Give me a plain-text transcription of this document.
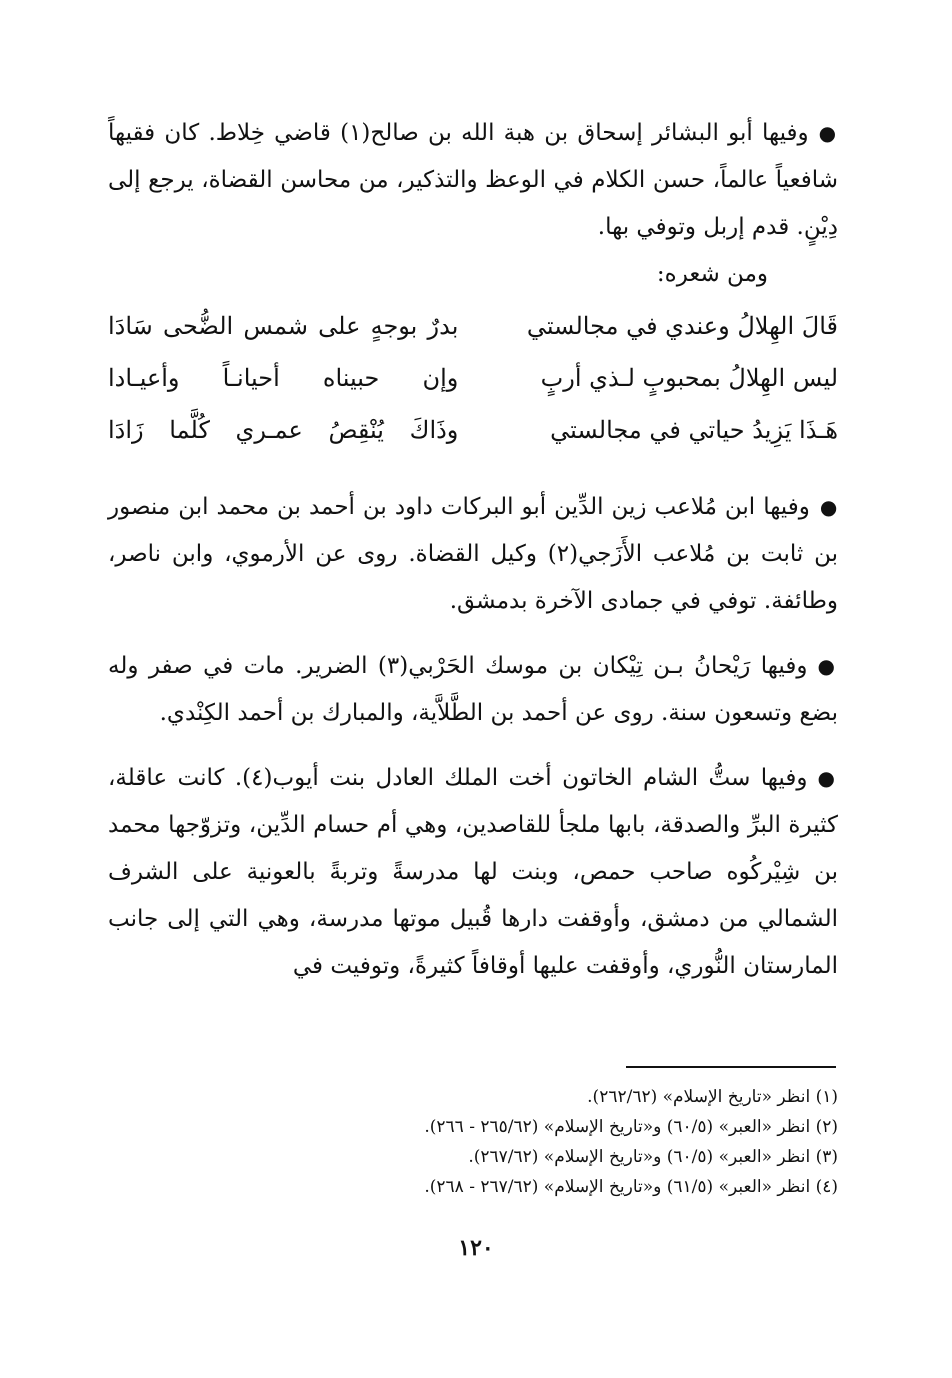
●وفيها أبو البشائر إسحاق بن هبة الله بن صالح(١) قاضي خِلاط. كان فقيهاً شافعياً عالماً، حسن الكلام في الوعظ والتذكير، من محاسن القضاة، يرجع إلى دِيْنٍ. قدم إربل وتوفي بها.

ومن شعره:

قَالَ الهِلالُ وعندي في مجالستي
بدرٌ بوجهٍ على شمس الضُّحى سَادَا
ليس الهِلالُ بمحبوبٍ لـذي أربٍ
وإن حبيناه أحيانـاً وأعيـادا
هَـذَا يَزِيدُ حياتي في مجالستي
وذَاكَ يُنْقِصُ عمـري كُلَّما زَادَا

●وفيها ابن مُلاعب زين الدِّين أبو البركات داود بن أحمد بن محمد ابن منصور بن ثابت بن مُلاعب الأَزَجي(٢) وكيل القضاة. روى عن الأرموي، وابن ناصر، وطائفة. توفي في جمادى الآخرة بدمشق.

●وفيها رَيْحانُ بـن تِيْكان بن موسك الحَرْبي(٣) الضرير. مات في صفر وله بضع وتسعون سنة. روى عن أحمد بن الطَّلاَّية، والمبارك بن أحمد الكِنْدي.

●وفيها ستُّ الشام الخاتون أخت الملك العادل بنت أيوب(٤). كانت عاقلة، كثيرة البرِّ والصدقة، بابها ملجأ للقاصدين، وهي أم حسام الدِّين، وتزوّجها محمد بن شِيْركُوه صاحب حمص، وبنت لها مدرسةً وتربةً بالعونية على الشرف الشمالي من دمشق، وأوقفت دارها قُبيل موتها مدرسة، وهي التي إلى جانب المارستان النُّوري، وأوقفت عليها أوقافاً كثيرةً، وتوفيت في

(١) انظر «تاريخ الإسلام» (٢٦٢/٦٢).

(٢) انظر «العبر» (٦٠/٥) و«تاريخ الإسلام» (٢٦٥/٦٢ - ٢٦٦).

(٣) انظر «العبر» (٦٠/٥) و«تاريخ الإسلام» (٢٦٧/٦٢).

(٤) انظر «العبر» (٦١/٥) و«تاريخ الإسلام» (٢٦٧/٦٢ - ٢٦٨).

١٢٠
